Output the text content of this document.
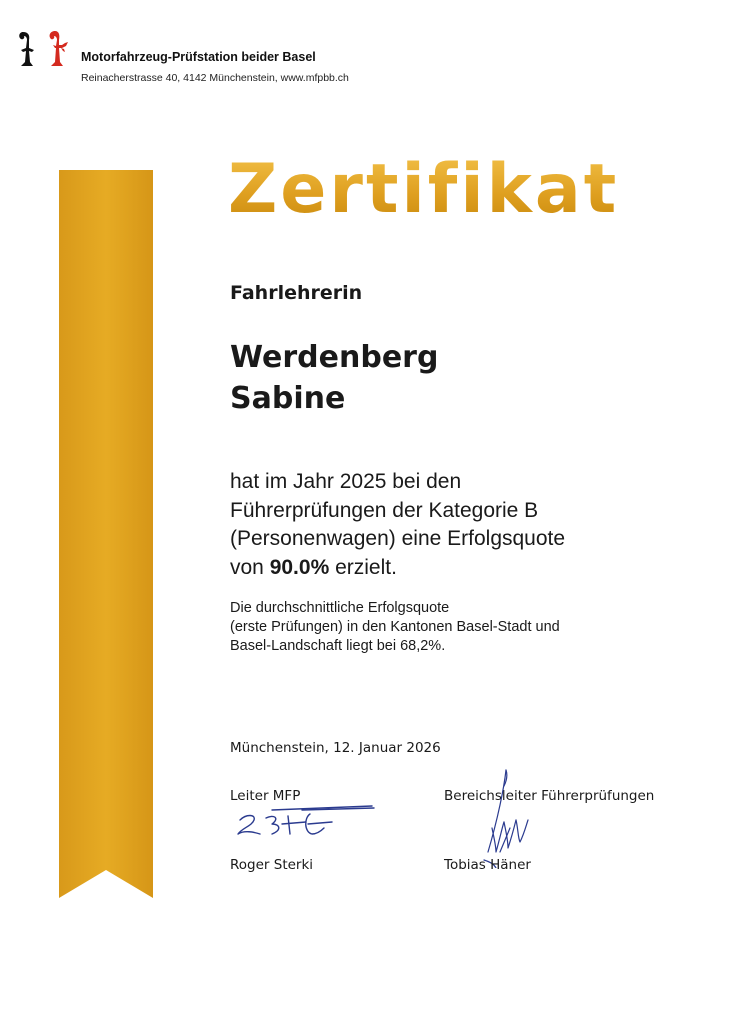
Motorfahrzeug-Prüfstation beider Basel
Reinacherstrasse 40, 4142 Münchenstein, www.mfpbb.ch
Zertifikat
Fahrlehrerin
Werdenberg
Sabine
hat im Jahr 2025 bei den
Führerprüfungen der Kategorie B
(Personenwagen) eine Erfolgsquote
von 90.0% erzielt.
Die durchschnittliche Erfolgsquote
(erste Prüfungen) in den Kantonen Basel-Stadt und
Basel-Landschaft liegt bei 68,2%.
Münchenstein, 12. Januar 2026
Leiter MFP
Roger Sterki
Bereichsleiter Führerprüfungen
Tobias Häner
